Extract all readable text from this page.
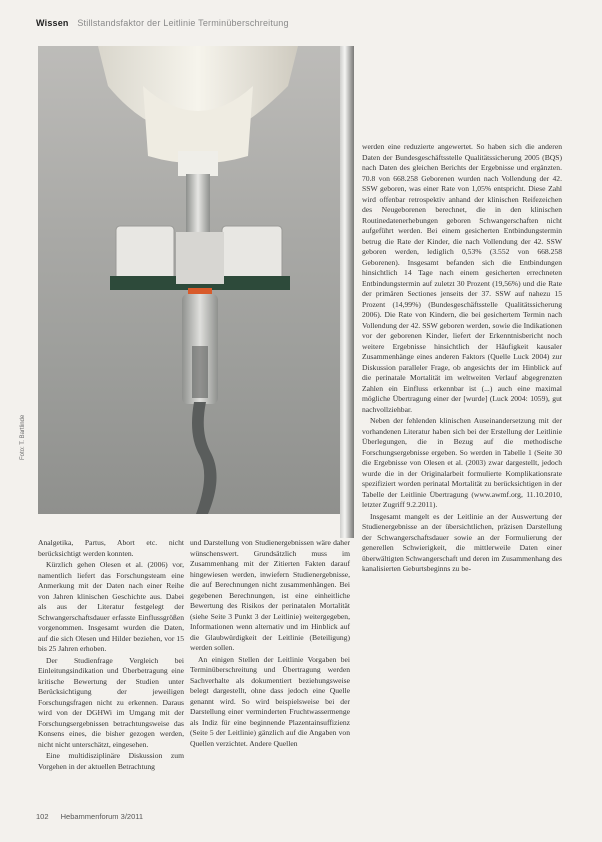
Wissen Stillstandsfaktor der Leitlinie Terminüberschreitung
Foto: T. Bartlinde

werden eine reduzierte angewertet. So haben sich die anderen Daten der Bundesgeschäftsstelle Qualitätssicherung 2005 (BQS) nach Daten des gleichen Berichts der Ergebnisse und ergänzten. 70.8 von 668.258 Geborenen wurden nach Vollendung der 42. SSW geboren, was einer Rate von 1,05% entspricht. Diese Zahl wird offenbar retrospektiv anhand der klinischen Reifezeichen des Neugeborenen berechnet, die in den klinischen Routinedatenerhebungen geboren Schwangerschaften nicht aufgeführt werden. Bei einem gesicherten Entbindungstermin betrug die Rate der Kinder, die nach Vollendung der 42. SSW geboren werden, lediglich 0,53% (3.552 von 668.258 Geborenen). Insgesamt befanden sich die Entbindungen hinsichtlich 14 Tage nach einem gesicherten errechneten Entbindungstermin auf zuletzt 30 Prozent (19,56%) und die Rate der primären Sectiones jenseits der 37. SSW auf nahezu 15 Prozent (14,99%) (Bundesgeschäftsstelle Qualitätssicherung 2006). Die Rate von Kindern, die bei gesichertem Termin nach Vollendung der 42. SSW geboren werden, sowie die Indikationen vor der geborenen Kinder, liefert der Erkenntnisbericht noch weitere Ergebnisse hinsichtlich der Häufigkeit kausaler Zusammenhänge eines anderen Faktors (Quelle Luck 2004) zur Diskussion paralleler Frage, ob angesichts der im Hinblick auf die perinatale Mortalität im weltweiten Verlauf abgegrenzten Zahlen ein Einfluss erkennbar ist (...) auch eine maximal mögliche Übertragung einer der [wurde] (Luck 2004: 1059), gut nachvollziehbar.

Neben der fehlenden klinischen Auseinandersetzung mit der vorhandenen Literatur haben sich bei der Erstellung der Leitlinie Überlegungen, die in Bezug auf die methodische Forschungsergebnisse ergeben. So werden in Tabelle 1 (Seite 30 die Ergebnisse von Olesen et al. (2003) zwar dargestellt, jedoch wurde die in der Originalarbeit formulierte Komplikationsrate spezifiziert worden perinatal Mortalität zu berücksichtigen in der Tabelle der Leitlinie Übertragung (www.awmf.org, 11.10.2010, letzter Zugriff 9.2.2011).

Insgesamt mangelt es der Leitlinie an der Auswertung der Studienergebnisse an der übersichtlichen, präzisen Darstellung der Schwangerschaftsdauer sowie an der Formulierung der generellen Schwierigkeit, die mittlerweile Daten einer überwältigten Schwangerschaft und deren im Zusammenhang des kanalisierten Geburtsbeginns zu be-

Analgetika, Partus, Abort etc. nicht berücksichtigt werden konnten.

Kürzlich gehen Olesen et al. (2006) vor, namentlich liefert das Forschungsteam eine Anmerkung mit der Daten nach einer Reihe von Jahren klinischen Geschichte aus. Dabei als aus der Literatur festgelegt der Schwangerschaftsdauer erfasste Einflussgrößen vorgenommen. Insgesamt wurden die Daten, auf die sich Olesen und Hilder beziehen, vor 15 bis 25 Jahren erhoben.

Der Studienfrage Vergleich bei Einleitungsindikation und Überbetragung eine kritische Bewertung der Studien unter Berücksichtigung der jeweiligen Forschungsfragen nicht zu erkennen. Daraus wird von der DGHWi im Umgang mit der Forschungsergebnissen betrachtungsweise das Konsens eines, die bisher gezogen werden, nicht nicht unterschätzt, eingesehen.

Eine multidisziplinäre Diskussion zum Vorgehen in der aktuellen Betrachtung

und Darstellung von Studienergebnissen wäre daher wünschenswert. Grundsätzlich muss im Zusammenhang mit der Zitierten Fakten darauf hingewiesen werden, inwiefern Studienergebnisse, die auf Berechnungen nicht zusammenhängen. Bei gegebenen Berechnungen, ist eine einheitliche Bewertung des Risikos der perinatalen Mortalität (siehe Seite 3 Punkt 3 der Leitlinie) weitergegeben, Informationen wenn alternativ und im Hinblick auf die Glaubwürdigkeit der Leitlinie (Beteiligung) werden sollen.

An einigen Stellen der Leitlinie Vorgaben bei Terminüberschreitung und Übertragung werden Sachverhalte als dokumentiert beziehungsweise belegt dargestellt, ohne dass jedoch eine Quelle genannt wird. So wird beispielsweise bei der Darstellung einer verminderten Fruchtwassermenge als Indiz für eine beginnende Plazentainsuffizienz (Seite 5 der Leitlinie) gänzlich auf die Angaben von Quellen verzichtet. Andere Quellen

102 Hebammenforum 3/2011
